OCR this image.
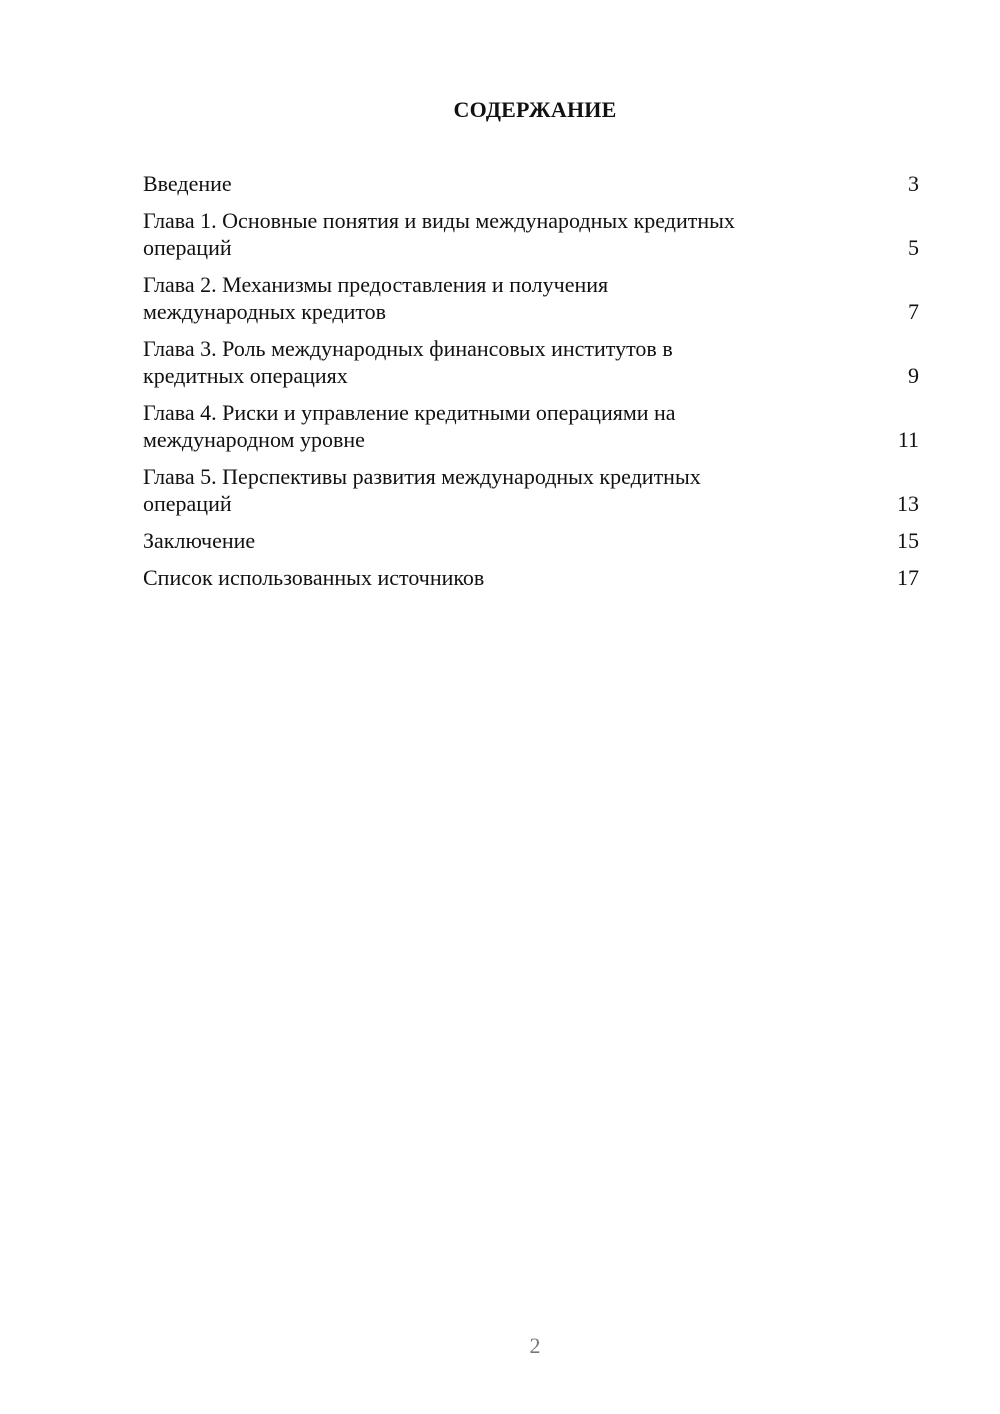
СОДЕРЖАНИЕ
Введение	3
Глава 1. Основные понятия и виды международных кредитных
операций	5
Глава 2. Механизмы предоставления и получения
международных кредитов	7
Глава 3. Роль международных финансовых институтов в
кредитных операциях	9
Глава 4. Риски и управление кредитными операциями на
международном уровне	11
Глава 5. Перспективы развития международных кредитных
операций	13
Заключение	15
Список использованных источников	17
2
